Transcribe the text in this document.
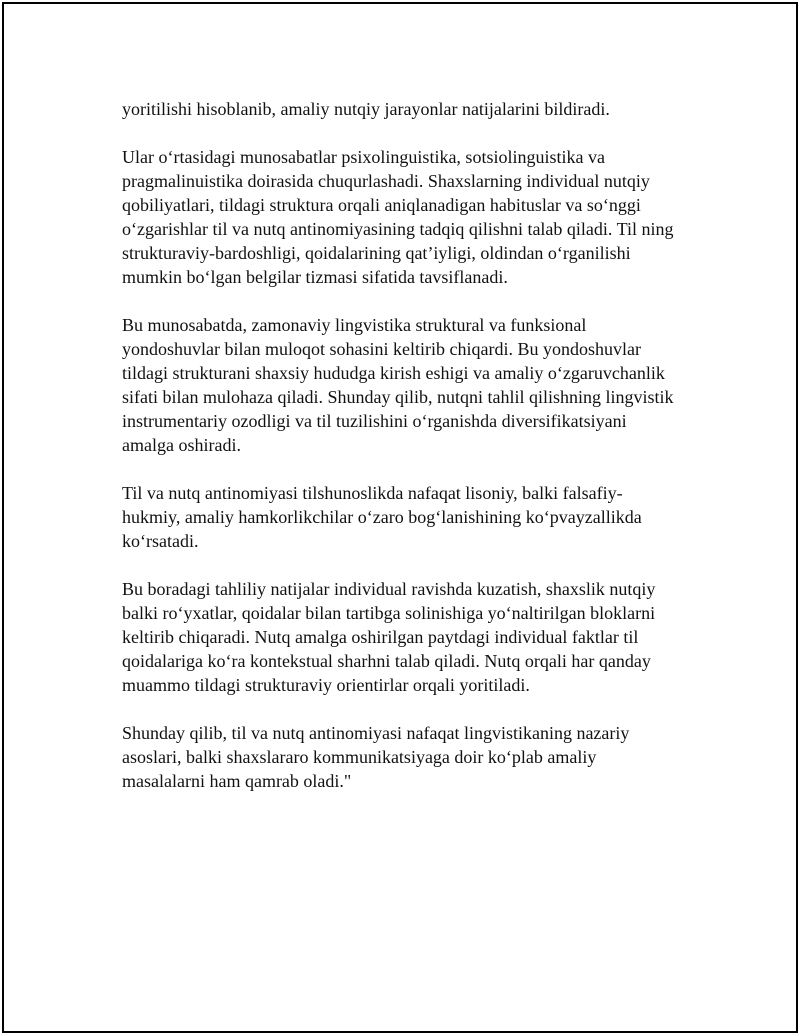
yoritilishi hisoblanib, amaliy nutqiy jarayonlar natijalarini bildiradi.

Ular o‘rtasidagi munosabatlar psixolinguistika, sotsiolinguistika va
pragmalinuistika doirasida chuqurlashadi. Shaxslarning individual nutqiy
qobiliyatlari, tildagi struktura orqali aniqlanadigan habituslar va so‘nggi
o‘zgarishlar til va nutq antinomiyasining tadqiq qilishni talab qiladi. Til ning
strukturaviy-bardoshligi, qoidalarining qat’iyligi, oldindan o‘rganilishi
mumkin bo‘lgan belgilar tizmasi sifatida tavsiflanadi.

Bu munosabatda, zamonaviy lingvistika struktural va funksional
yondoshuvlar bilan muloqot sohasini keltirib chiqardi. Bu yondoshuvlar
tildagi strukturani shaxsiy hududga kirish eshigi va amaliy o‘zgaruvchanlik
sifati bilan mulohaza qiladi. Shunday qilib, nutqni tahlil qilishning lingvistik
instrumentariy ozodligi va til tuzilishini o‘rganishda diversifikatsiyani
amalga oshiradi.

Til va nutq antinomiyasi tilshunoslikda nafaqat lisoniy, balki falsafiy-
hukmiy, amaliy hamkorlikchilar o‘zaro bog‘lanishining ko‘pvayzallikda
ko‘rsatadi.

Bu boradagi tahliliy natijalar individual ravishda kuzatish, shaxslik nutqiy
balki ro‘yxatlar, qoidalar bilan tartibga solinishiga yo‘naltirilgan bloklarni
keltirib chiqaradi. Nutq amalga oshirilgan paytdagi individual faktlar til
qoidalariga ko‘ra kontekstual sharhni talab qiladi. Nutq orqali har qanday
muammo tildagi strukturaviy orientirlar orqali yoritiladi.

Shunday qilib, til va nutq antinomiyasi nafaqat lingvistikaning nazariy
asoslari, balki shaxslararo kommunikatsiyaga doir ko‘plab amaliy
masalalarni ham qamrab oladi."
